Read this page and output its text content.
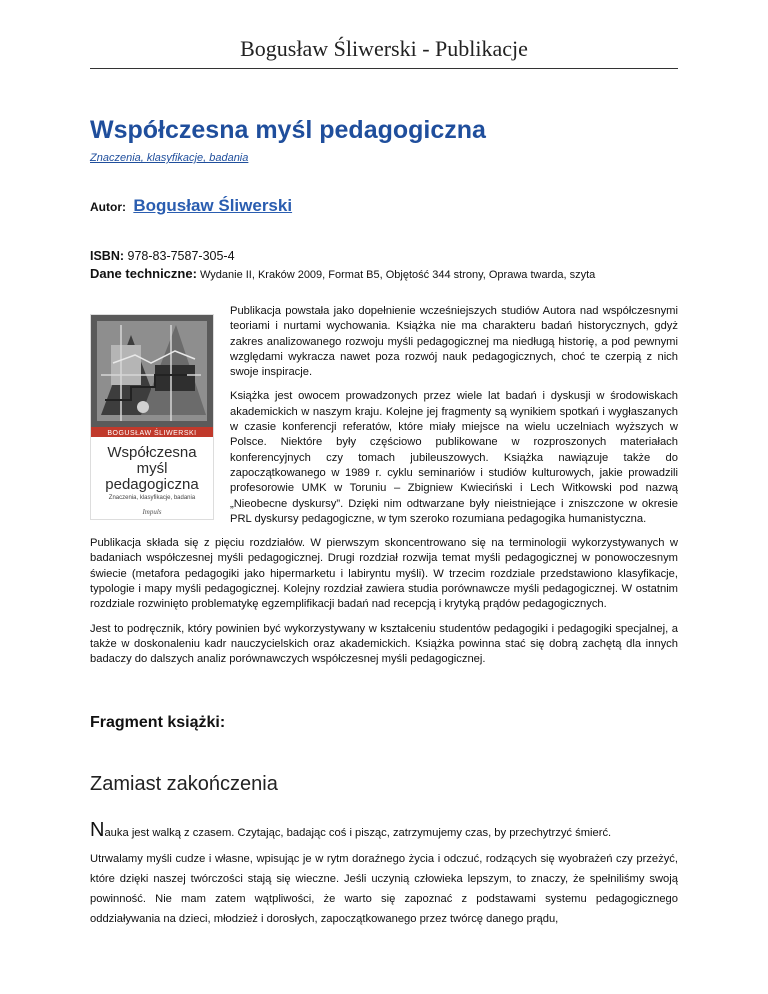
Bogusław Śliwerski - Publikacje
Współczesna myśl pedagogiczna
Znaczenia, klasyfikacje, badania
Autor: Bogusław Śliwerski
ISBN: 978-83-7587-305-4
Dane techniczne: Wydanie II, Kraków 2009, Format B5, Objętość 344 strony, Oprawa twarda, szyta
BOGUSŁAW ŚLIWERSKI
Współczesna
myśl
pedagogiczna
Znaczenia, klasyfikacje, badania
Impuls

Publikacja powstała jako dopełnienie wcześniejszych studiów Autora nad współczesnymi teoriami i nurtami wychowania. Książka nie ma charakteru badań historycznych, gdyż zakres analizowanego rozwoju myśli pedagogicznej ma niedługą historię, a pod pewnymi względami wykracza nawet poza rozwój nauk pedagogicznych, choć te czerpią z nich swoje inspiracje.

Książka jest owocem prowadzonych przez wiele lat badań i dyskusji w środowiskach akademickich w naszym kraju. Kolejne jej fragmenty są wynikiem spotkań i wygłaszanych w czasie konferencji referatów, które miały miejsce na wielu uczelniach wyższych w Polsce. Niektóre były częściowo publikowane w rozproszonych materiałach konferencyjnych czy tomach jubileuszowych. Książka nawiązuje także do zapoczątkowanego w 1989 r. cyklu seminariów i studiów kulturowych, jakie prowadzili profesorowie UMK w Toruniu – Zbigniew Kwieciński i Lech Witkowski pod nazwą „Nieobecne dyskursy”. Dzięki nim odtwarzane były nieistniejące i zniszczone w okresie PRL dyskursy pedagogiczne, w tym szeroko rozumiana pedagogika humanistyczna.

Publikacja składa się z pięciu rozdziałów. W pierwszym skoncentrowano się na terminologii wykorzystywanych w badaniach współczesnej myśli pedagogicznej. Drugi rozdział rozwija temat myśli pedagogicznej w ponowoczesnym świecie (metafora pedagogiki jako hipermarketu i labiryntu myśli). W trzecim rozdziale przedstawiono klasyfikacje, typologie i mapy myśli pedagogicznej. Kolejny rozdział zawiera studia porównawcze myśli pedagogicznej. W ostatnim rozdziale rozwinięto problematykę egzemplifikacji badań nad recepcją i krytyką prądów pedagogicznych.

Jest to podręcznik, który powinien być wykorzystywany w kształceniu studentów pedagogiki i pedagogiki specjalnej, a także w doskonaleniu kadr nauczycielskich oraz akademickich. Książka powinna stać się dobrą zachętą dla innych badaczy do dalszych analiz porównawczych współczesnej myśli pedagogicznej.

Fragment książki:
Zamiast zakończenia

Nauka jest walką z czasem. Czytając, badając coś i pisząc, zatrzymujemy czas, by przechytrzyć śmierć.

Utrwalamy myśli cudze i własne, wpisując je w rytm doraźnego życia i odczuć, rodzących się wyobrażeń czy przeżyć, które dzięki naszej twórczości stają się wieczne. Jeśli uczynią człowieka lepszym, to znaczy, że spełniliśmy swoją powinność. Nie mam zatem wątpliwości, że warto się zapoznać z podstawami systemu pedagogicznego oddziaływania na dzieci, młodzież i dorosłych, zapoczątkowanego przez twórcę danego prądu,
